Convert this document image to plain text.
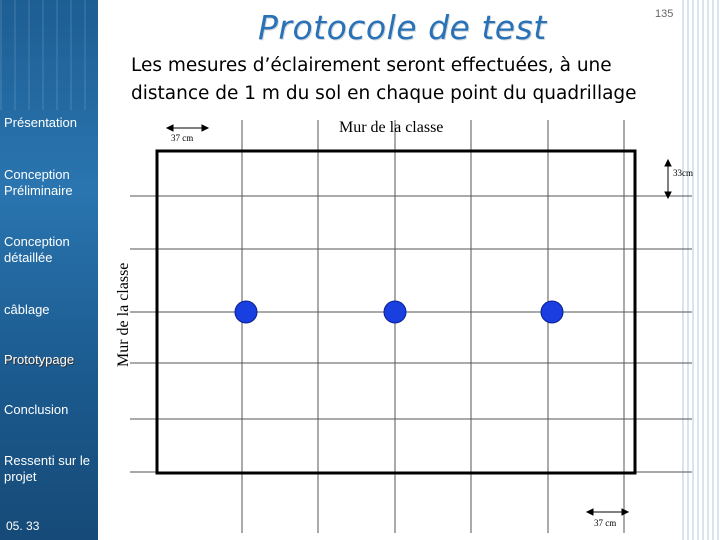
Présentation
Conception Préliminaire
Conception détaillée
câblage
Prototypage
Conclusion
Ressenti sur le projet
05. 33
Protocole de test	135
Les mesures d’éclairement seront effectuées, à une distance de 1 m du sol en chaque point du quadrillage
Mur de la classe
37 cm
33cm
37 cm
Mur de la classe
